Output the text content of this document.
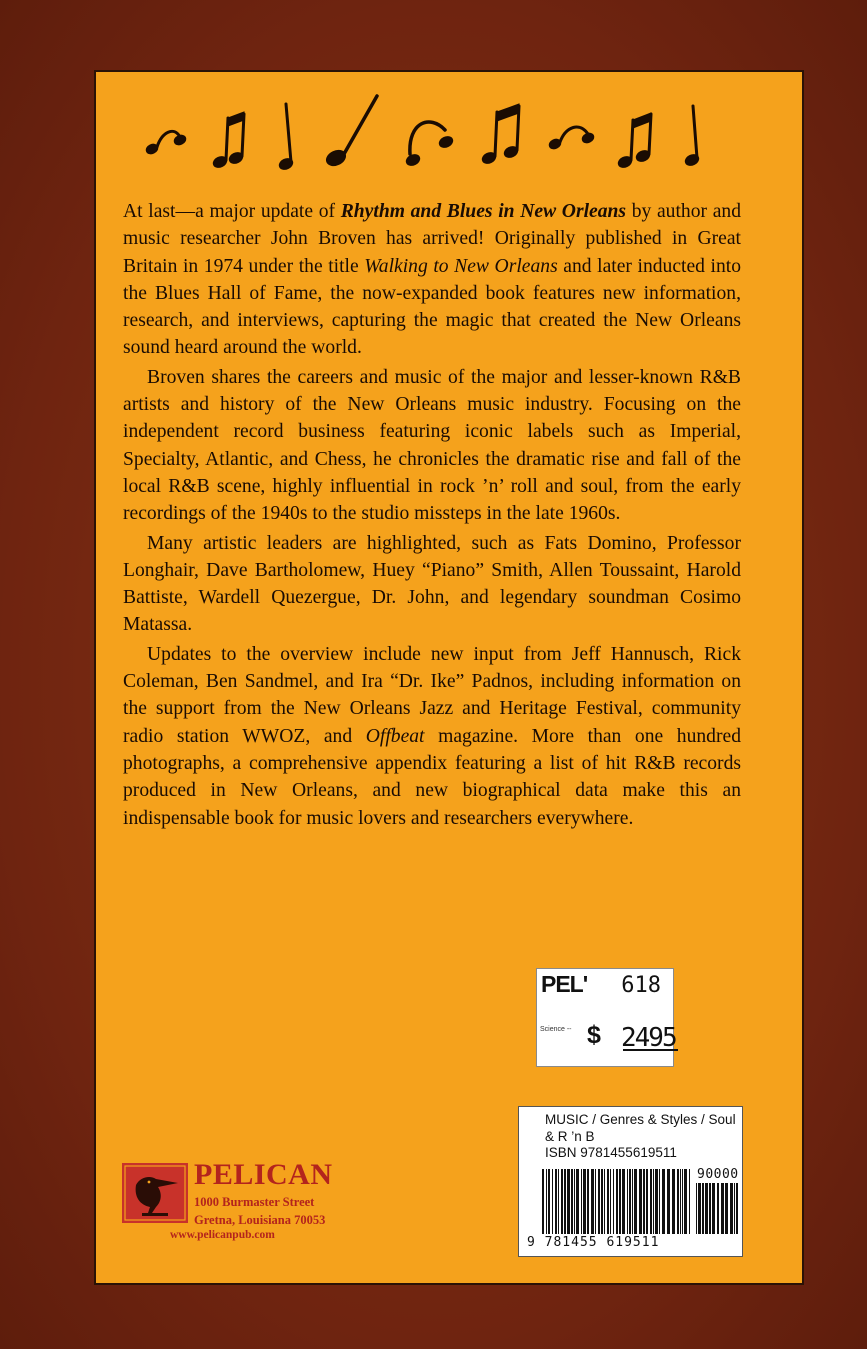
At last—a major update of Rhythm and Blues in New Orleans by author and music researcher John Broven has arrived! Originally published in Great Britain in 1974 under the title Walking to New Orleans and later inducted into the Blues Hall of Fame, the now-expanded book features new information, research, and interviews, capturing the magic that created the New Orleans sound heard around the world.

Broven shares the careers and music of the major and lesser-known R&B artists and history of the New Orleans music industry. Focusing on the independent record business featuring iconic labels such as Imperial, Specialty, Atlantic, and Chess, he chronicles the dramatic rise and fall of the local R&B scene, highly influential in rock ’n’ roll and soul, from the early recordings of the 1940s to the studio missteps in the late 1960s.

Many artistic leaders are highlighted, such as Fats Domino, Professor Longhair, Dave Bartholomew, Huey “Piano” Smith, Allen Toussaint, Harold Battiste, Wardell Quezergue, Dr. John, and legendary soundman Cosimo Matassa.

Updates to the overview include new input from Jeff Hannusch, Rick Coleman, Ben Sandmel, and Ira “Dr. Ike” Padnos, including information on the support from the New Orleans Jazz and Heritage Festival, community radio station WWOZ, and Offbeat magazine. More than one hundred photographs, a comprehensive appendix featuring a list of hit R&B records produced in New Orleans, and new biographical data make this an indispensable book for music lovers and researchers everywhere.

PEL' 618
Science -- $ 2495
MUSIC / Genres & Styles / Soul & R ’n B
ISBN 9781455619511
90000
9 781455 619511
PELICAN
1000 Burmaster Street
Gretna, Louisiana 70053
www.pelicanpub.com
